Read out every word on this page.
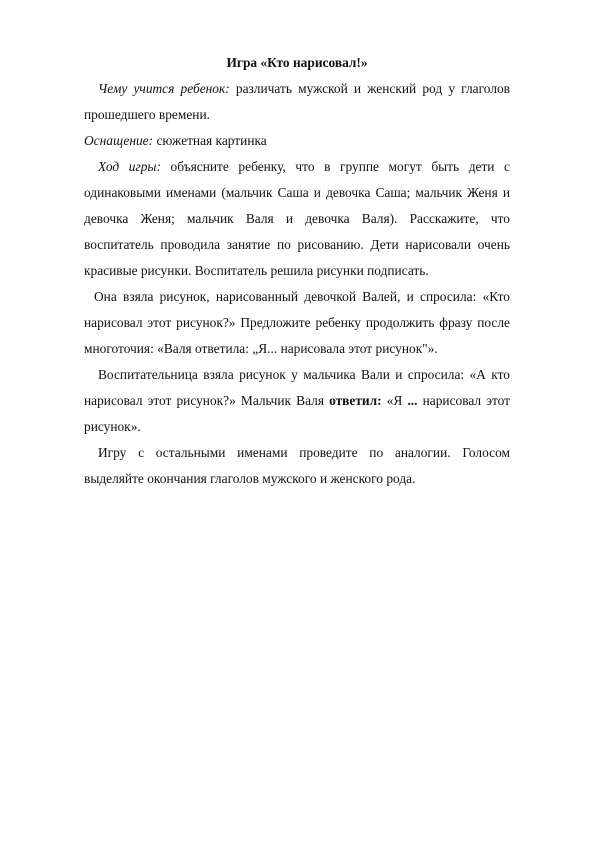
Игра «Кто нарисовал!»

Чему учится ребенок: различать мужской и женский род у глаголов прошедшего времени.

Оснащение: сюжетная картинка

Ход игры: объясните ребенку, что в группе могут быть дети с одинаковыми именами (мальчик Саша и девочка Саша; мальчик Женя и девочка Женя; мальчик Валя и девочка Валя). Расскажите, что воспитатель проводила занятие по рисованию. Дети нарисовали очень красивые рисунки. Воспитатель решила рисунки подписать.

Она взяла рисунок, нарисованный девочкой Валей, и спросила: «Кто нарисовал этот рисунок?» Предложите ребенку продолжить фразу после многоточия: «Валя ответила: „Я... нарисовала этот рисунок"».

Воспитательница взяла рисунок у мальчика Вали и спросила: «А кто нарисовал этот рисунок?» Мальчик Валя ответил: «Я ... нарисовал этот рисунок».

Игру с остальными именами проведите по аналогии. Голосом выделяйте окончания глаголов мужского и женского рода.
